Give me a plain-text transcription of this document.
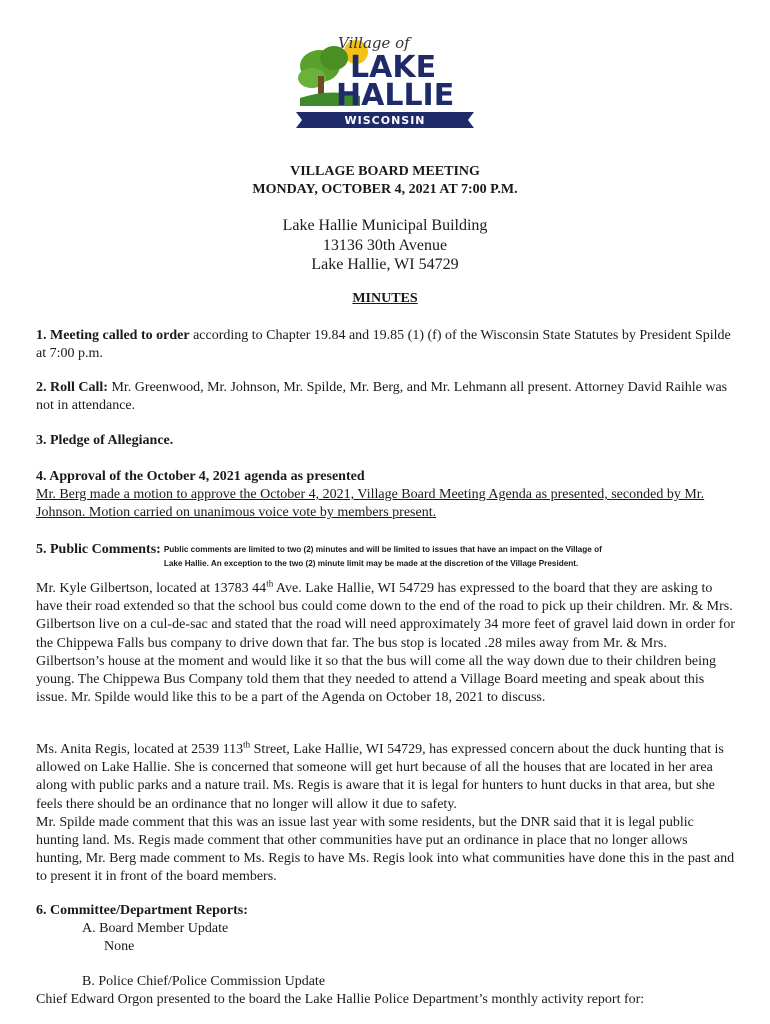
Village of
LAKE
HALLIE
WISCONSIN
VILLAGE BOARD MEETING
MONDAY, OCTOBER 4, 2021 AT 7:00 P.M.
Lake Hallie Municipal Building
13136 30th Avenue
Lake Hallie, WI 54729
MINUTES
1. Meeting called to order according to Chapter 19.84 and 19.85 (1) (f) of the Wisconsin State Statutes by President Spilde at 7:00 p.m.
2. Roll Call: Mr. Greenwood, Mr. Johnson, Mr. Spilde, Mr. Berg, and Mr. Lehmann all present. Attorney David Raihle was not in attendance.
3. Pledge of Allegiance.
4. Approval of the October 4, 2021 agenda as presented
Mr. Berg made a motion to approve the October 4, 2021, Village Board Meeting Agenda as presented, seconded by Mr. Johnson. Motion carried on unanimous voice vote by members present.
5. Public Comments: Public comments are limited to two (2) minutes and will be limited to issues that have an impact on the Village of
Lake Hallie. An exception to the two (2) minute limit may be made at the discretion of the Village President.
Mr. Kyle Gilbertson, located at 13783 44th Ave. Lake Hallie, WI 54729 has expressed to the board that they are asking to have their road extended so that the school bus could come down to the end of the road to pick up their children. Mr. & Mrs. Gilbertson live on a cul-de-sac and stated that the road will need approximately 34 more feet of gravel laid down in order for the Chippewa Falls bus company to drive down that far. The bus stop is located .28 miles away from Mr. & Mrs. Gilbertson’s house at the moment and would like it so that the bus will come all the way down due to their children being young. The Chippewa Bus Company told them that they needed to attend a Village Board meeting and speak about this issue. Mr. Spilde would like this to be a part of the Agenda on October 18, 2021 to discuss.
Ms. Anita Regis, located at 2539 113th Street, Lake Hallie, WI 54729, has expressed concern about the duck hunting that is allowed on Lake Hallie. She is concerned that someone will get hurt because of all the houses that are located in her area along with public parks and a nature trail. Ms. Regis is aware that it is legal for hunters to hunt ducks in that area, but she feels there should be an ordinance that no longer will allow it due to safety.
Mr. Spilde made comment that this was an issue last year with some residents, but the DNR said that it is legal public hunting land. Ms. Regis made comment that other communities have put an ordinance in place that no longer allows hunting, Mr. Berg made comment to Ms. Regis to have Ms. Regis look into what communities have done this in the past and to present it in front of the board members.
6. Committee/Department Reports:
A. Board Member Update
None
B. Police Chief/Police Commission Update
Chief Edward Orgon presented to the board the Lake Hallie Police Department’s monthly activity report for:
